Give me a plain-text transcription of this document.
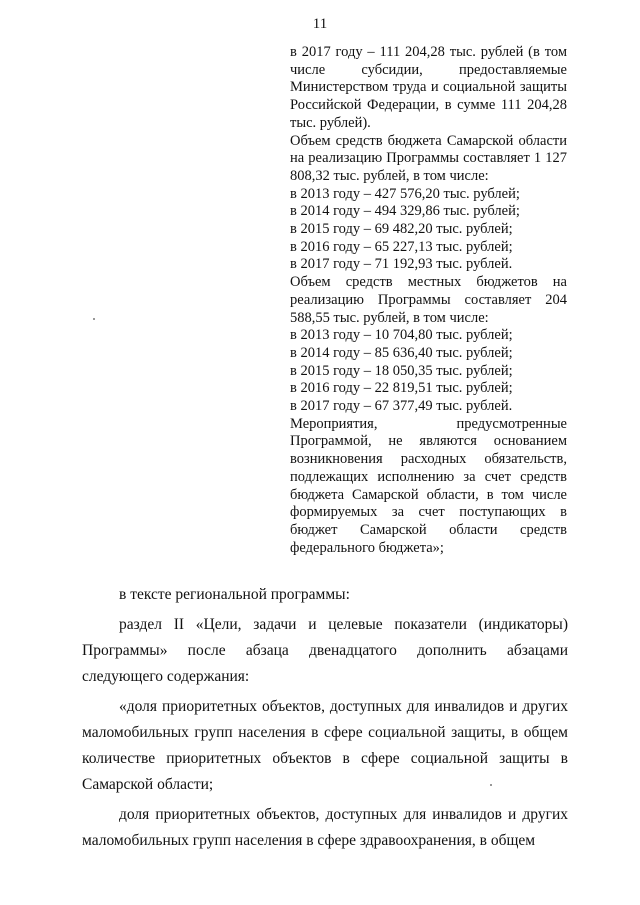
11

в 2017 году – 111 204,28 тыс. рублей (в том числе субсидии, предоставляемые Министерством труда и социальной защиты Российской Федерации, в сумме 111 204,28 тыс. рублей).

Объем средств бюджета Самарской области на реализацию Программы составляет 1 127 808,32 тыс. рублей, в том числе:

в 2013 году – 427 576,20 тыс. рублей;
в 2014 году – 494 329,86 тыс. рублей;
в 2015 году – 69 482,20 тыс. рублей;
в 2016 году – 65 227,13 тыс. рублей;
в 2017 году – 71 192,93 тыс. рублей.

Объем средств местных бюджетов на реализацию Программы составляет 204 588,55 тыс. рублей, в том числе:

в 2013 году – 10 704,80 тыс. рублей;
в 2014 году – 85 636,40 тыс. рублей;
в 2015 году – 18 050,35 тыс. рублей;
в 2016 году – 22 819,51 тыс. рублей;
в 2017 году – 67 377,49 тыс. рублей.

Мероприятия, предусмотренные Программой, не являются основанием возникновения расходных обязательств, подлежащих исполнению за счет средств бюджета Самарской области, в том числе формируемых за счет поступающих в бюджет Самарской области средств федерального бюджета»;

в тексте региональной программы:

раздел II «Цели, задачи и целевые показатели (индикаторы) Программы» после абзаца двенадцатого дополнить абзацами следующего содержания:

«доля приоритетных объектов, доступных для инвалидов и других маломобильных групп населения в сфере социальной защиты, в общем количестве приоритетных объектов в сфере социальной защиты в Самарской области;

доля приоритетных объектов, доступных для инвалидов и других маломобильных групп населения в сфере здравоохранения, в общем
